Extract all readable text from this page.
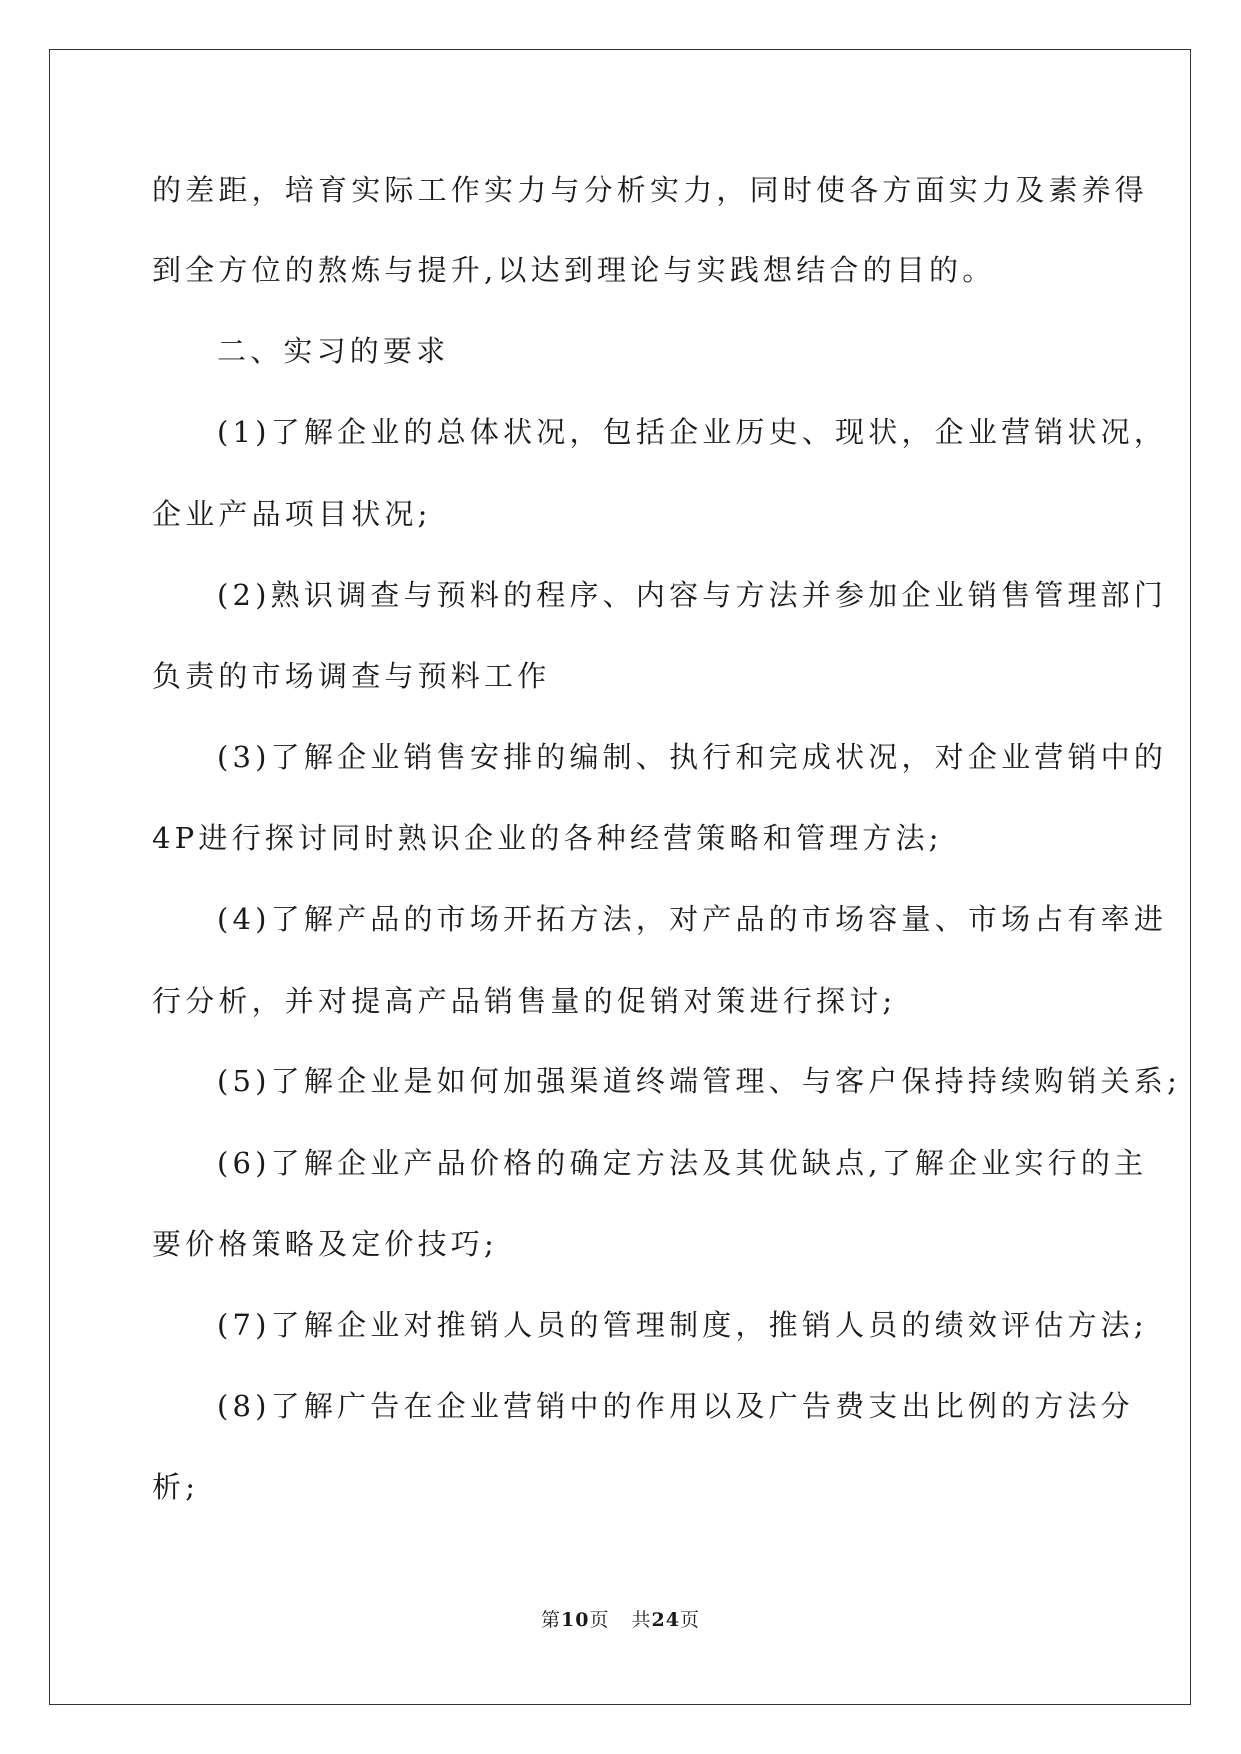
的差距，培育实际工作实力与分析实力，同时使各方面实力及素养得
到全方位的熬炼与提升,以达到理论与实践想结合的目的。
二、实习的要求
(1)了解企业的总体状况，包括企业历史、现状，企业营销状况，
企业产品项目状况;
(2)熟识调查与预料的程序、内容与方法并参加企业销售管理部门
负责的市场调查与预料工作
(3)了解企业销售安排的编制、执行和完成状况，对企业营销中的
4P进行探讨同时熟识企业的各种经营策略和管理方法;
(4)了解产品的市场开拓方法，对产品的市场容量、市场占有率进
行分析，并对提高产品销售量的促销对策进行探讨;
(5)了解企业是如何加强渠道终端管理、与客户保持持续购销关系;
(6)了解企业产品价格的确定方法及其优缺点,了解企业实行的主
要价格策略及定价技巧;
(7)了解企业对推销人员的管理制度，推销人员的绩效评估方法;
(8)了解广告在企业营销中的作用以及广告费支出比例的方法分
析;
第10页 共24页
